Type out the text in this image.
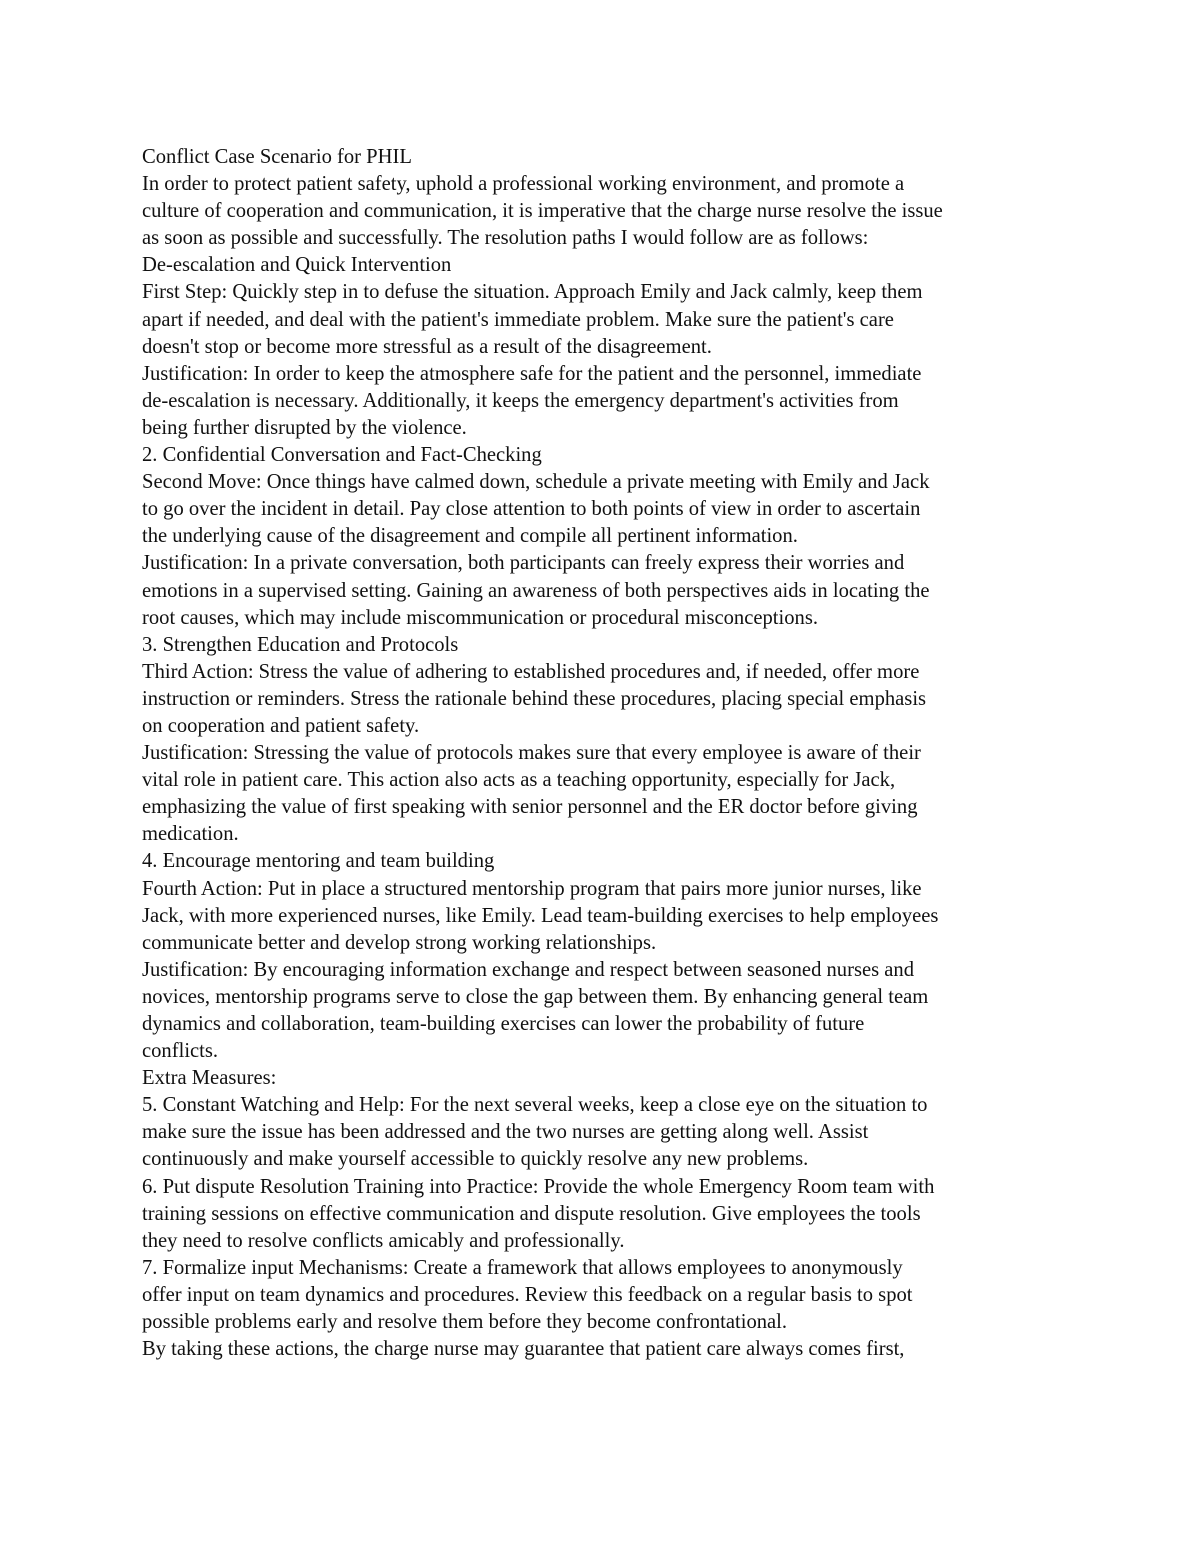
Conflict Case Scenario for PHIL
In order to protect patient safety, uphold a professional working environment, and promote a
culture of cooperation and communication, it is imperative that the charge nurse resolve the issue
as soon as possible and successfully. The resolution paths I would follow are as follows:
De-escalation and Quick Intervention
First Step: Quickly step in to defuse the situation. Approach Emily and Jack calmly, keep them
apart if needed, and deal with the patient's immediate problem. Make sure the patient's care
doesn't stop or become more stressful as a result of the disagreement.
Justification: In order to keep the atmosphere safe for the patient and the personnel, immediate
de-escalation is necessary. Additionally, it keeps the emergency department's activities from
being further disrupted by the violence.
2. Confidential Conversation and Fact-Checking
Second Move: Once things have calmed down, schedule a private meeting with Emily and Jack
to go over the incident in detail. Pay close attention to both points of view in order to ascertain
the underlying cause of the disagreement and compile all pertinent information.
Justification: In a private conversation, both participants can freely express their worries and
emotions in a supervised setting. Gaining an awareness of both perspectives aids in locating the
root causes, which may include miscommunication or procedural misconceptions.
3. Strengthen Education and Protocols
Third Action: Stress the value of adhering to established procedures and, if needed, offer more
instruction or reminders. Stress the rationale behind these procedures, placing special emphasis
on cooperation and patient safety.
Justification: Stressing the value of protocols makes sure that every employee is aware of their
vital role in patient care. This action also acts as a teaching opportunity, especially for Jack,
emphasizing the value of first speaking with senior personnel and the ER doctor before giving
medication.
4. Encourage mentoring and team building
Fourth Action: Put in place a structured mentorship program that pairs more junior nurses, like
Jack, with more experienced nurses, like Emily. Lead team-building exercises to help employees
communicate better and develop strong working relationships.
Justification: By encouraging information exchange and respect between seasoned nurses and
novices, mentorship programs serve to close the gap between them. By enhancing general team
dynamics and collaboration, team-building exercises can lower the probability of future
conflicts.
Extra Measures:
5. Constant Watching and Help: For the next several weeks, keep a close eye on the situation to
make sure the issue has been addressed and the two nurses are getting along well. Assist
continuously and make yourself accessible to quickly resolve any new problems.
6. Put dispute Resolution Training into Practice: Provide the whole Emergency Room team with
training sessions on effective communication and dispute resolution. Give employees the tools
they need to resolve conflicts amicably and professionally.
7. Formalize input Mechanisms: Create a framework that allows employees to anonymously
offer input on team dynamics and procedures. Review this feedback on a regular basis to spot
possible problems early and resolve them before they become confrontational.
By taking these actions, the charge nurse may guarantee that patient care always comes first,
